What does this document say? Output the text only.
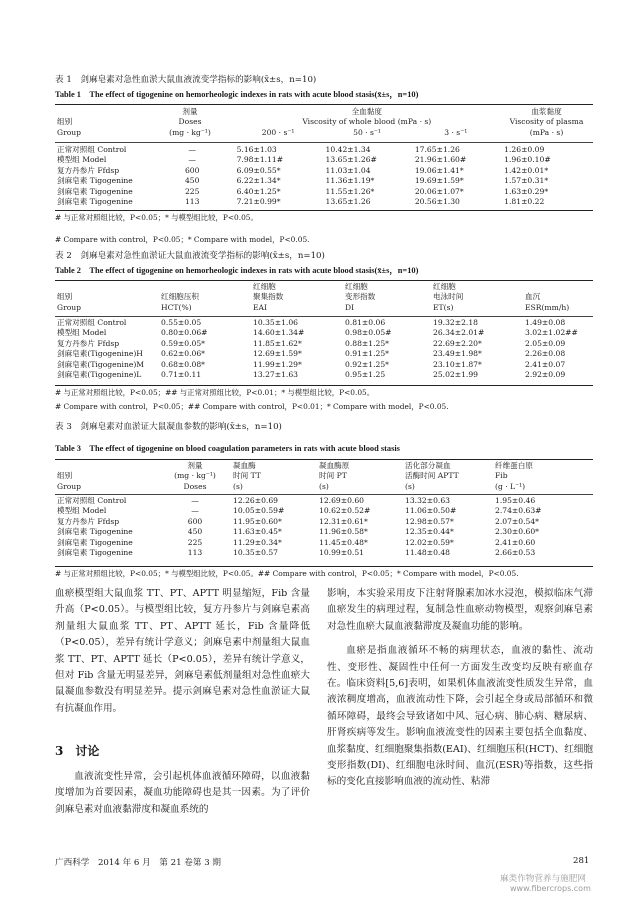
表 1　剑麻皂素对急性血淤大鼠血液流变学指标的影响(x̄±s，n=10)
Table 1　The effect of tigogenine on hemorheologic indexes in rats with acute blood stasis(x̄±s，n=10)
	剂量	全血黏度			血浆黏度
组别	Doses	Viscosity of whole blood (mPa · s)			Viscosity of plasma
Group	(mg · kg⁻¹)	200 · s⁻¹	50 · s⁻¹	3 · s⁻¹	(mPa · s)
正常对照组 Control	—	5.16±1.03	10.42±1.34	17.65±1.26	1.26±0.09
模型组 Model	—	7.98±1.11#	13.65±1.26#	21.96±1.60#	1.96±0.10#
复方丹参片 Ffdsp	600	6.09±0.55*	11.03±1.04	19.06±1.41*	1.42±0.01*
剑麻皂素 Tigogenine	450	6.22±1.34*	11.36±1.19*	19.69±1.59*	1.57±0.31*
剑麻皂素 Tigogenine	225	6.40±1.25*	11.55±1.26*	20.06±1.07*	1.63±0.29*
剑麻皂素 Tigogenine	113	7.21±0.99*	13.65±1.26	20.56±1.30	1.81±0.22
# 与正常对照组比较，P<0.05；* 与模型组比较，P<0.05。
# Compare with control，P<0.05；* Compare with model，P<0.05.
表 2　剑麻皂素对急性血淤证大鼠血液流变学指标的影响(x̄±s，n=10)
Table 2　The effect of tigogenine on hemorheologic indexes in rats with acute blood stasis(x̄±s，n=10)
		红细胞	红细胞	红细胞	
组别	红细胞压积	聚集指数	变形指数	电泳时间	血沉
Group	HCT(%)	EAI	DI	ET(s)	ESR(mm/h)
正常对照组 Control	0.55±0.05	10.35±1.06	0.81±0.06	19.32±2.18	1.49±0.08
模型组 Model	0.80±0.06#	14.60±1.34#	0.98±0.05#	26.34±2.01#	3.02±1.02##
复方丹参片 Ffdsp	0.59±0.05*	11.85±1.62*	0.88±1.25*	22.69±2.20*	2.05±0.09
剑麻皂素(Tigogenine)H	0.62±0.06*	12.69±1.59*	0.91±1.25*	23.49±1.98*	2.26±0.08
剑麻皂素(Tigogenine)M	0.68±0.08*	11.99±1.29*	0.92±1.25*	23.10±1.87*	2.41±0.07
剑麻皂素(Tigogenine)L	0.71±0.11	13.27±1.63	0.95±1.25	25.02±1.99	2.92±0.09
# 与正常对照组比较，P<0.05；## 与正常对照组比较，P<0.01；* 与模型组比较，P<0.05。
# Compare with control，P<0.05；## Compare with control，P<0.01；* Compare with model，P<0.05.
表 3　剑麻皂素对血淤证大鼠凝血参数的影响(x̄±s，n=10)
Table 3　The effect of tigogenine on blood coagulation parameters in rats with acute blood stasis
	剂量	凝血酶	凝血酶原	活化部分凝血	纤维蛋白原
组别	(mg · kg⁻¹)	时间 TT	时间 PT	活酶时间 APTT	Fib
Group	Doses	(s)	(s)	(s)	(g · L⁻¹)
正常对照组 Control	—	12.26±0.69	12.69±0.60	13.32±0.63	1.95±0.46
模型组 Model	—	10.05±0.59#	10.62±0.52#	11.06±0.50#	2.74±0.63#
复方丹参片 Ffdsp	600	11.95±0.60*	12.31±0.61*	12.98±0.57*	2.07±0.54*
剑麻皂素 Tigogenine	450	11.63±0.45*	11.96±0.58*	12.35±0.44*	2.30±0.60*
剑麻皂素 Tigogenine	225	11.29±0.34*	11.45±0.48*	12.02±0.59*	2.41±0.60
剑麻皂素 Tigogenine	113	10.35±0.57	10.99±0.51	11.48±0.48	2.66±0.53
# 与正常对照组比较，P<0.05；* 与模型组比较，P<0.05。## Compare with control，P<0.05；* Compare with model，P<0.05.

血瘀模型组大鼠血浆 TT、PT、APTT 明显缩短，Fib 含量升高（P<0.05）。与模型组比较，复方丹参片与剑麻皂素高剂量组大鼠血浆 TT、PT、APTT 延长，Fib 含量降低（P<0.05），差异有统计学意义；剑麻皂素中剂量组大鼠血浆 TT、PT、APTT 延长（P<0.05），差异有统计学意义，但对 Fib 含量无明显差异，剑麻皂素低剂量组对急性血瘀大鼠凝血参数没有明显差异。提示剑麻皂素对急性血淤证大鼠有抗凝血作用。

3　讨论

血液流变性异常，会引起机体血液循环障碍，以血液黏度增加为首要因素，凝血功能障碍也是其一因素。为了评价剑麻皂素对血液黏滞度和凝血系统的

影响，本实验采用皮下注射肾腺素加冰水浸泡，模拟临床气滞血瘀发生的病理过程，复制急性血瘀动物模型，观察剑麻皂素对急性血瘀大鼠血液黏滞度及凝血功能的影响。

血瘀是指血液循环不畅的病理状态，血液的黏性、流动性、变形性、凝固性中任何一方面发生改变均反映有瘀血存在。临床资料[5,6]表明，如果机体血液流变性质发生异常，血液浓稠度增高，血液流动性下降，会引起全身或局部循环和微循环障碍，最终会导致诸如中风、冠心病、肺心病、糖尿病、肝肾疾病等发生。影响血液流变性的因素主要包括全血黏度、血浆黏度、红细胞聚集指数(EAI)、红细胞压积(HCT)、红细胞变形指数(DI)、红细胞电泳时间、血沉(ESR)等指数，这些指标的变化直接影响血液的流动性、粘滞

广西科学　2014 年 6 月　第 21 卷第 3 期	281
麻类作物营养与施肥网
www.fibercrops.com
